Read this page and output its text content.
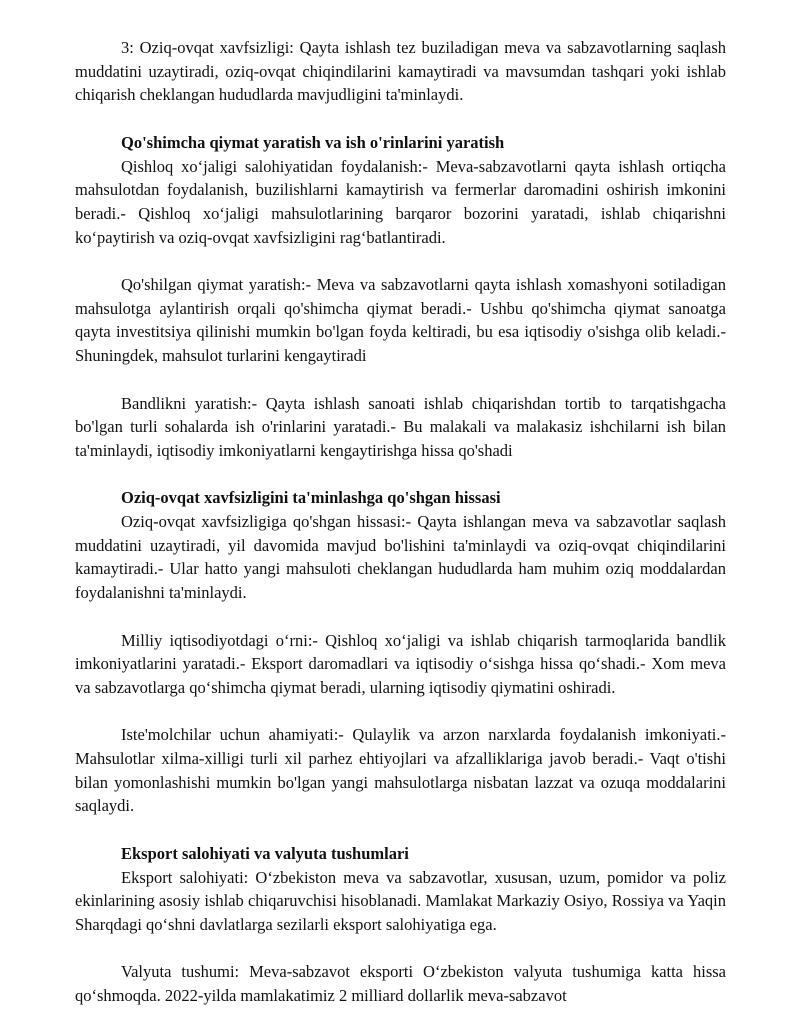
3: Oziq-ovqat xavfsizligi: Qayta ishlash tez buziladigan meva va sabzavotlarning saqlash muddatini uzaytiradi, oziq-ovqat chiqindilarini kamaytiradi va mavsumdan tashqari yoki ishlab chiqarish cheklangan hududlarda mavjudligini ta'minlaydi.

Qo'shimcha qiymat yaratish va ish o'rinlarini yaratish

Qishloq xo‘jaligi salohiyatidan foydalanish:- Meva-sabzavotlarni qayta ishlash ortiqcha mahsulotdan foydalanish, buzilishlarni kamaytirish va fermerlar daromadini oshirish imkonini beradi.- Qishloq xo‘jaligi mahsulotlarining barqaror bozorini yaratadi, ishlab chiqarishni ko‘paytirish va oziq-ovqat xavfsizligini rag‘batlantiradi.

Qo'shilgan qiymat yaratish:- Meva va sabzavotlarni qayta ishlash xomashyoni sotiladigan mahsulotga aylantirish orqali qo'shimcha qiymat beradi.- Ushbu qo'shimcha qiymat sanoatga qayta investitsiya qilinishi mumkin bo'lgan foyda keltiradi, bu esa iqtisodiy o'sishga olib keladi.- Shuningdek, mahsulot turlarini kengaytiradi

Bandlikni yaratish:- Qayta ishlash sanoati ishlab chiqarishdan tortib to tarqatishgacha bo'lgan turli sohalarda ish o'rinlarini yaratadi.- Bu malakali va malakasiz ishchilarni ish bilan ta'minlaydi, iqtisodiy imkoniyatlarni kengaytirishga hissa qo'shadi

Oziq-ovqat xavfsizligini ta'minlashga qo'shgan hissasi

Oziq-ovqat xavfsizligiga qo'shgan hissasi:- Qayta ishlangan meva va sabzavotlar saqlash muddatini uzaytiradi, yil davomida mavjud bo'lishini ta'minlaydi va oziq-ovqat chiqindilarini kamaytiradi.- Ular hatto yangi mahsuloti cheklangan hududlarda ham muhim oziq moddalardan foydalanishni ta'minlaydi.

Milliy iqtisodiyotdagi o‘rni:- Qishloq xo‘jaligi va ishlab chiqarish tarmoqlarida bandlik imkoniyatlarini yaratadi.- Eksport daromadlari va iqtisodiy o‘sishga hissa qo‘shadi.- Xom meva va sabzavotlarga qo‘shimcha qiymat beradi, ularning iqtisodiy qiymatini oshiradi.

Iste'molchilar uchun ahamiyati:- Qulaylik va arzon narxlarda foydalanish imkoniyati.- Mahsulotlar xilma-xilligi turli xil parhez ehtiyojlari va afzalliklariga javob beradi.- Vaqt o'tishi bilan yomonlashishi mumkin bo'lgan yangi mahsulotlarga nisbatan lazzat va ozuqa moddalarini saqlaydi.

Eksport salohiyati va valyuta tushumlari

Eksport salohiyati: O‘zbekiston meva va sabzavotlar, xususan, uzum, pomidor va poliz ekinlarining asosiy ishlab chiqaruvchisi hisoblanadi. Mamlakat Markaziy Osiyo, Rossiya va Yaqin Sharqdagi qo‘shni davlatlarga sezilarli eksport salohiyatiga ega.

Valyuta tushumi: Meva-sabzavot eksporti O‘zbekiston valyuta tushumiga katta hissa qo‘shmoqda. 2022-yilda mamlakatimiz 2 milliard dollarlik meva-sabzavot
